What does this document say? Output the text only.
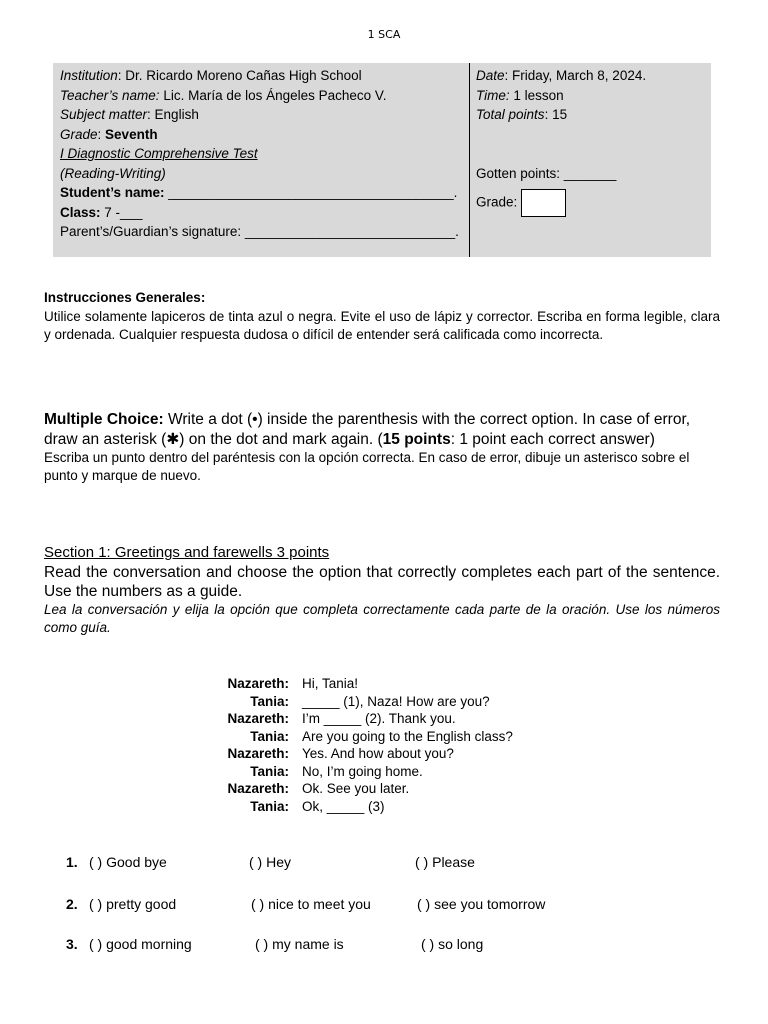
1 SCA
Institution: Dr. Ricardo Moreno Cañas High School
Teacher’s name: Lic. María de los Ángeles Pacheco V.
Subject matter: English
Grade: Seventh
I Diagnostic Comprehensive Test
(Reading-Writing)
Student’s name: ______________________________________.
Class: 7 -___
Parent’s/Guardian’s signature: ____________________________.
Date: Friday, March 8, 2024.
Time: 1 lesson
Total points: 15
Gotten points: _______
Grade:
Instrucciones Generales:
Utilice solamente lapiceros de tinta azul o negra. Evite el uso de lápiz y corrector. Escriba en forma legible, clara y ordenada. Cualquier respuesta dudosa o difícil de entender será calificada como incorrecta.
Multiple Choice: Write a dot (•) inside the parenthesis with the correct option. In case of error, draw an asterisk (✱) on the dot and mark again. (15 points: 1 point each correct answer)
Escriba un punto dentro del paréntesis con la opción correcta. En caso de error, dibuje un asterisco sobre el punto y marque de nuevo.
Section 1: Greetings and farewells 3 points
Read the conversation and choose the option that correctly completes each part of the sentence. Use the numbers as a guide.
Lea la conversación y elija la opción que completa correctamente cada parte de la oración. Use los números como guía.
Nazareth: Hi, Tania!
Tania: _____ (1), Naza! How are you?
Nazareth: I’m _____ (2). Thank you.
Tania: Are you going to the English class?
Nazareth: Yes. And how about you?
Tania: No, I’m going home.
Nazareth: Ok. See you later.
Tania: Ok, _____ (3)
1. ( ) Good bye	( ) Hey	( ) Please
2. ( ) pretty good	( ) nice to meet you	( ) see you tomorrow
3. ( ) good morning	( ) my name is	( ) so long
